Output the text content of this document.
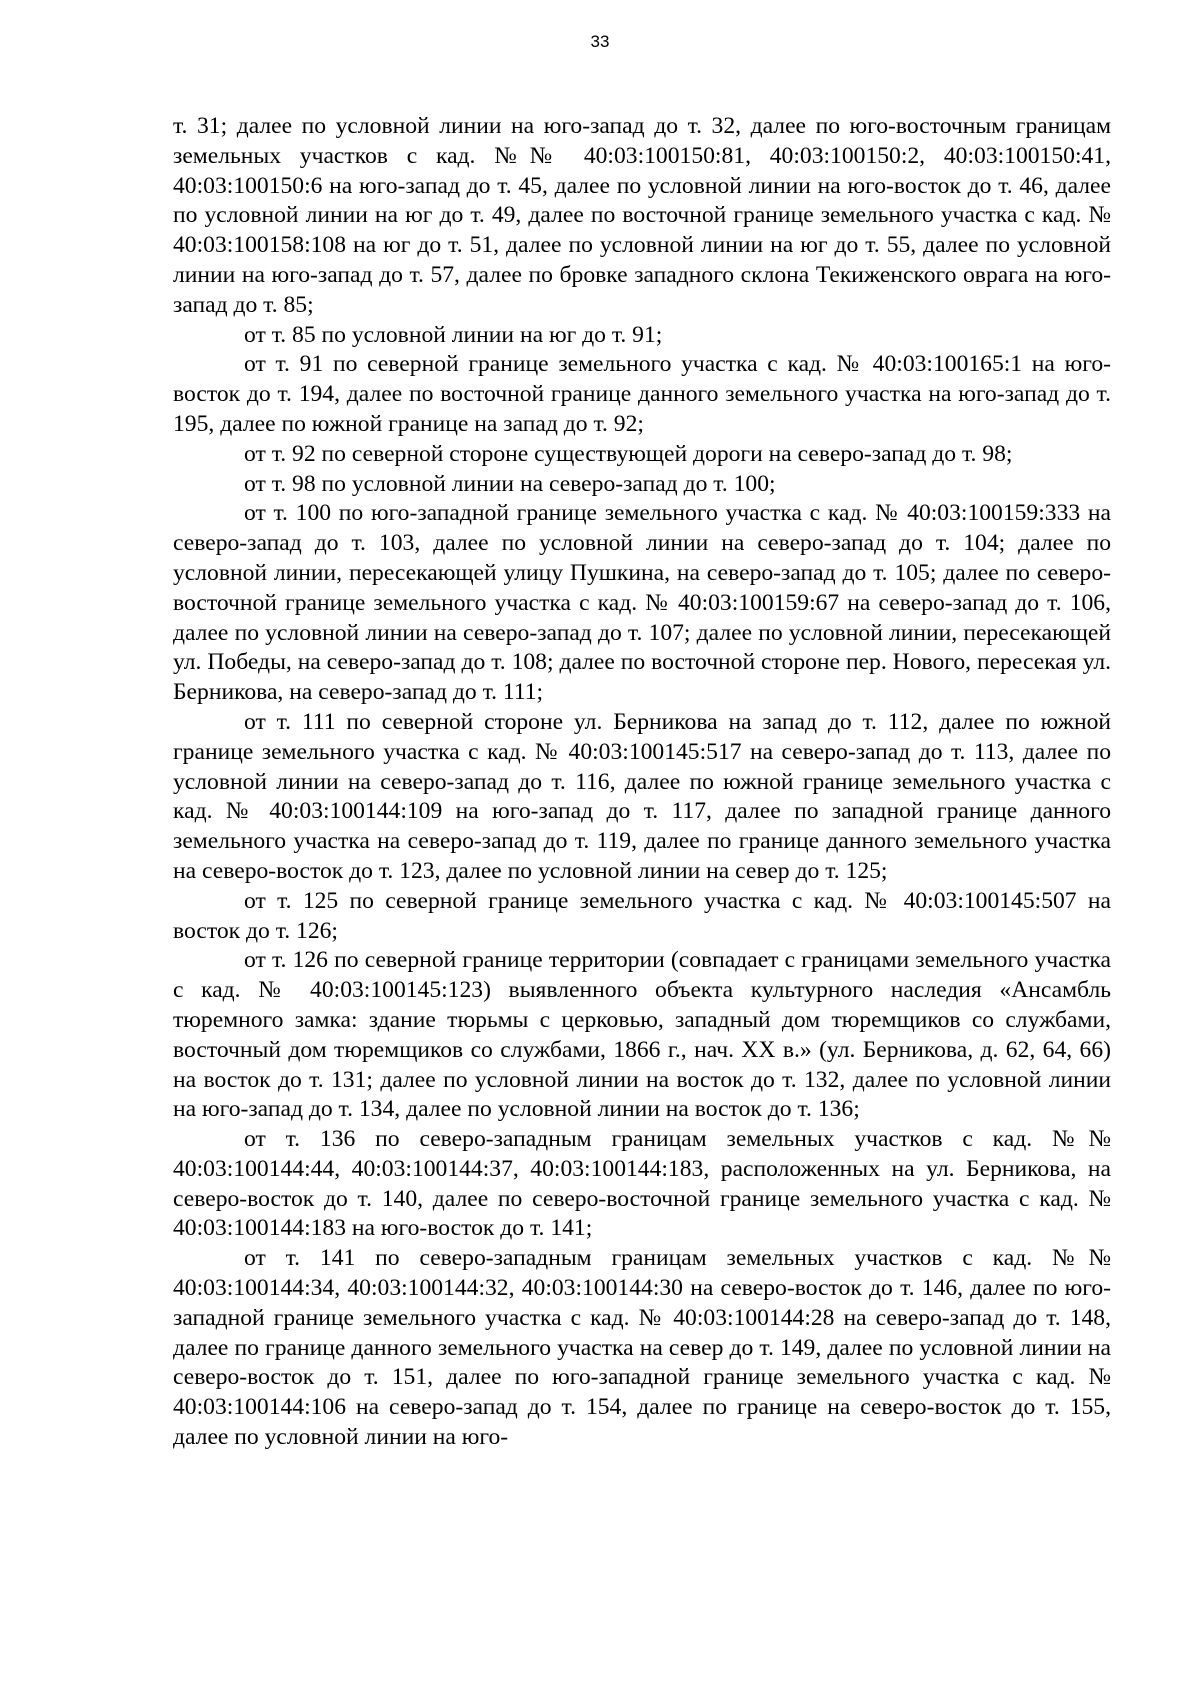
33

т. 31; далее по условной линии на юго-запад до т. 32, далее по юго-восточным границам земельных участков с кад. №№ 40:03:100150:81, 40:03:100150:2, 40:03:100150:41, 40:03:100150:6 на юго-запад до т. 45, далее по условной линии на юго-восток до т. 46, далее по условной линии на юг до т. 49, далее по восточной границе земельного участка с кад. № 40:03:100158:108 на юг до т. 51, далее по условной линии на юг до т. 55, далее по условной линии на юго-запад до т. 57, далее по бровке западного склона Текиженского оврага на юго-запад до т. 85;

от т. 85 по условной линии на юг до т. 91;

от т. 91 по северной границе земельного участка с кад. № 40:03:100165:1 на юго-восток до т. 194, далее по восточной границе данного земельного участка на юго-запад до т. 195, далее по южной границе на запад до т. 92;

от т. 92 по северной стороне существующей дороги на северо-запад до т. 98;

от т. 98 по условной линии на северо-запад до т. 100;

от т. 100 по юго-западной границе земельного участка с кад. № 40:03:100159:333 на северо-запад до т. 103, далее по условной линии на северо-запад до т. 104; далее по условной линии, пересекающей улицу Пушкина, на северо-запад до т. 105; далее по северо-восточной границе земельного участка с кад. № 40:03:100159:67 на северо-запад до т. 106, далее по условной линии на северо-запад до т. 107; далее по условной линии, пересекающей ул. Победы, на северо-запад до т. 108; далее по восточной стороне пер. Нового, пересекая ул. Берникова, на северо-запад до т. 111;

от т. 111 по северной стороне ул. Берникова на запад до т. 112, далее по южной границе земельного участка с кад. № 40:03:100145:517 на северо-запад до т. 113, далее по условной линии на северо-запад до т. 116, далее по южной границе земельного участка с кад. № 40:03:100144:109 на юго-запад до т. 117, далее по западной границе данного земельного участка на северо-запад до т. 119, далее по границе данного земельного участка на северо-восток до т. 123, далее по условной линии на север до т. 125;

от т. 125 по северной границе земельного участка с кад. № 40:03:100145:507 на восток до т. 126;

от т. 126 по северной границе территории (совпадает с границами земельного участка с кад. № 40:03:100145:123) выявленного объекта культурного наследия «Ансамбль тюремного замка: здание тюрьмы с церковью, западный дом тюремщиков со службами, восточный дом тюремщиков со службами, 1866 г., нач. XX в.» (ул. Берникова, д. 62, 64, 66) на восток до т. 131; далее по условной линии на восток до т. 132, далее по условной линии на юго-запад до т. 134, далее по условной линии на восток до т. 136;

от т. 136 по северо-западным границам земельных участков с кад. №№ 40:03:100144:44, 40:03:100144:37, 40:03:100144:183, расположенных на ул. Берникова, на северо-восток до т. 140, далее по северо-восточной границе земельного участка с кад. № 40:03:100144:183 на юго-восток до т. 141;

от т. 141 по северо-западным границам земельных участков с кад. №№ 40:03:100144:34, 40:03:100144:32, 40:03:100144:30 на северо-восток до т. 146, далее по юго-западной границе земельного участка с кад. № 40:03:100144:28 на северо-запад до т. 148, далее по границе данного земельного участка на север до т. 149, далее по условной линии на северо-восток до т. 151, далее по юго-западной границе земельного участка с кад. № 40:03:100144:106 на северо-запад до т. 154, далее по границе на северо-восток до т. 155, далее по условной линии на юго-
